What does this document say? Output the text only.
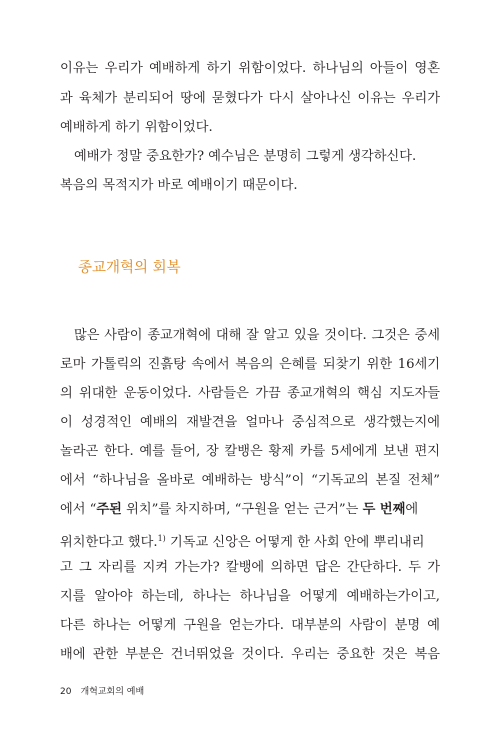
이유는 우리가 예배하게 하기 위함이었다. 하나님의 아들이 영혼
과 육체가 분리되어 땅에 묻혔다가 다시 살아나신 이유는 우리가
예배하게 하기 위함이었다.
예배가 정말 중요한가? 예수님은 분명히 그렇게 생각하신다.
복음의 목적지가 바로 예배이기 때문이다.
종교개혁의 회복
많은 사람이 종교개혁에 대해 잘 알고 있을 것이다. 그것은 중세
로마 가톨릭의 진흙탕 속에서 복음의 은혜를 되찾기 위한 16세기
의 위대한 운동이었다. 사람들은 가끔 종교개혁의 핵심 지도자들
이 성경적인 예배의 재발견을 얼마나 중심적으로 생각했는지에
놀라곤 한다. 예를 들어, 장 칼뱅은 황제 카를 5세에게 보낸 편지
에서 “하나님을 올바로 예배하는 방식”이 “기독교의 본질 전체”
에서 “주된 위치”를 차지하며, “구원을 얻는 근거”는 두 번째에
위치한다고 했다.$^{1)}$ 기독교 신앙은 어떻게 한 사회 안에 뿌리내리
고 그 자리를 지켜 가는가? 칼뱅에 의하면 답은 간단하다. 두 가
지를 알아야 하는데, 하나는 하나님을 어떻게 예배하는가이고,
다른 하나는 어떻게 구원을 얻는가다. 대부분의 사람이 분명 예
배에 관한 부분은 건너뛰었을 것이다. 우리는 중요한 것은 복음
20 개혁교회의 예배
